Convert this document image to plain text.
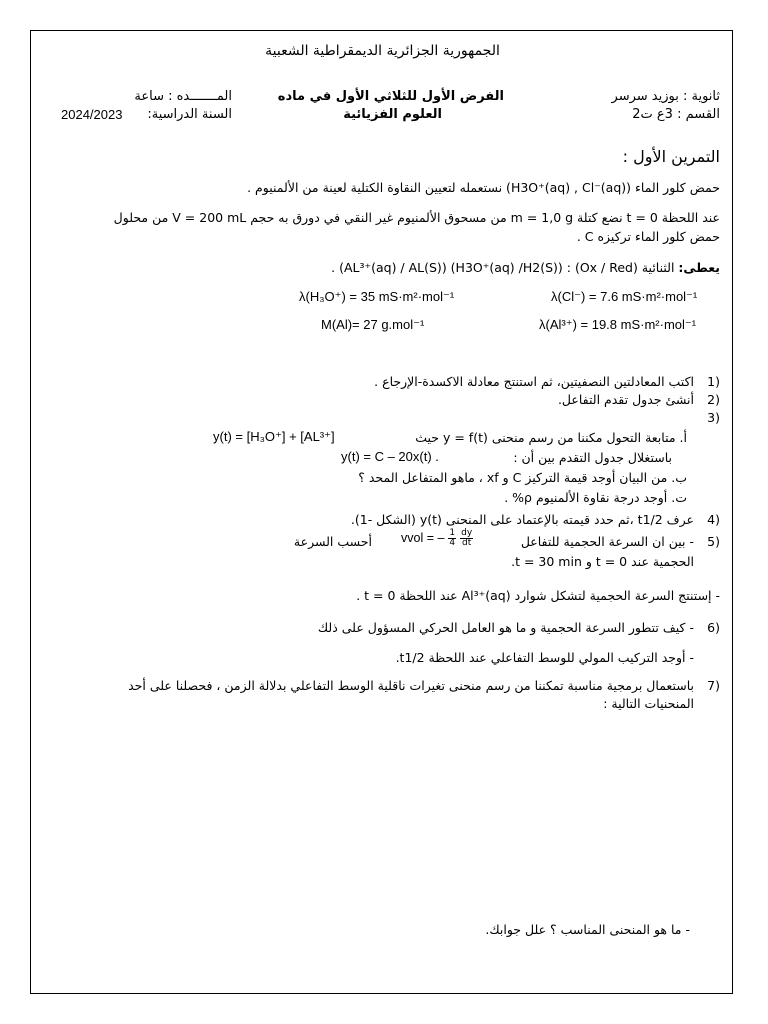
الجمهورية الجزائرية الديمقراطية الشعبية
ثانوية : بوزيد سرسر
الفرض الأول للثلاثي الأول في ماده
المـــــــده : ساعة
القسم : 3ع ت2
العلوم الفزيائية
السنة الدراسية:
2024/2023
التمرين الأول :
حمض كلور الماء (H3O⁺(aq) , Cl⁻(aq)) نستعمله لتعيين النقاوة الكتلية لعينة من الألمنيوم .
عند اللحظة t = 0 نضع كتلة m = 1,0 g من مسحوق الألمنيوم غير النقي في دورق به حجم V = 200 mL من محلول
حمض كلور الماء تركيزه C .
يعطى: الثنائية (Ox / Red) : (H3O⁺(aq) /H2(S)) (AL³⁺(aq) / AL(S)) .
λ(Cl⁻) = 7.6 mS·m²·mol⁻¹
λ(H₃O⁺) = 35 mS·m²·mol⁻¹
λ(Al³⁺) = 19.8 mS·m²·mol⁻¹
M(Al)= 27 g.mol⁻¹
1)
اكتب المعادلتين النصفيتين، ثم استنتج معادلة الاكسدة-الإرجاع .
2)
أنشئ جدول تقدم التفاعل.
3)
أ. متابعة التحول مكننا من رسم منحنى y = f(t) حيث
y(t) = [H₃O⁺] + [AL³⁺]
باستغلال جدول التقدم بين أن :
y(t) = C – 20x(t) .
ب. من البيان أوجد قيمة التركيز C و xf ، ماهو المتفاعل المحد ؟
ت. أوجد درجة نقاوة الألمنيوم ρ% .
4)
عرف t1/2 ،ثم حدد قيمته بالإعتماد على المنحنى y(t) (الشكل -1).
5)
- بين ان السرعة الحجمية للتفاعل
vvol = – $\frac{1}{4}$
$\frac{dy}{dt}$
أحسب السرعة
الحجمية عند t = 0 و t = 30 min.
- إستنتج السرعة الحجمية لتشكل شوارد Al³⁺(aq) عند اللحظة t = 0 .
6)
- كيف تتطور السرعة الحجمية و ما هو العامل الحركي المسؤول على ذلك
- أوجد التركيب المولي للوسط التفاعلي عند اللحظة t1/2.
7)
باستعمال برمجية مناسبة تمكننا من رسم منحنى تغيرات ناقلية الوسط التفاعلي بدلالة الزمن ، فحصلنا على أحد
المنحنيات التالية :
- ما هو المنحنى المناسب ؟ علل جوابك.
